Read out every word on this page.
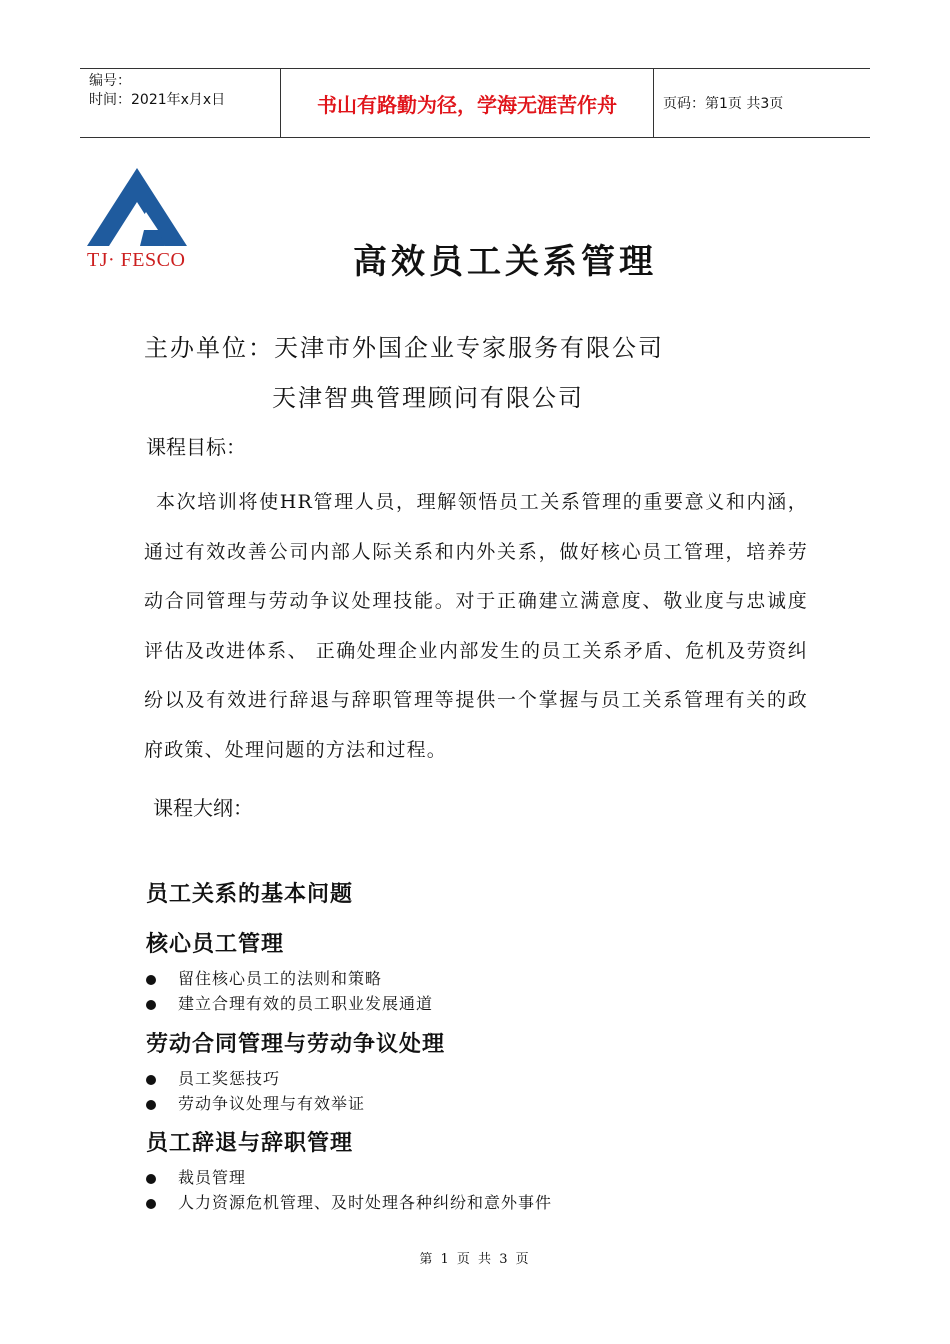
编号：
时间：2021年x月x日	书山有路勤为径，学海无涯苦作舟	页码：第1页 共3页
TJ· FESCO	高效员工关系管理
主办单位：天津市外国企业专家服务有限公司
天津智典管理顾问有限公司
课程目标：
本次培训将使HR管理人员，理解领悟员工关系管理的重要意义和内涵，通过有效改善公司内部人际关系和内外关系，做好核心员工管理，培养劳动合同管理与劳动争议处理技能。对于正确建立满意度、敬业度与忠诚度评估及改进体系、 正确处理企业内部发生的员工关系矛盾、危机及劳资纠纷以及有效进行辞退与辞职管理等提供一个掌握与员工关系管理有关的政府政策、处理问题的方法和过程。
课程大纲：
员工关系的基本问题
核心员工管理
留住核心员工的法则和策略
建立合理有效的员工职业发展通道
劳动合同管理与劳动争议处理
员工奖惩技巧
劳动争议处理与有效举证
员工辞退与辞职管理
裁员管理
人力资源危机管理、及时处理各种纠纷和意外事件
第 1 页 共 3 页
